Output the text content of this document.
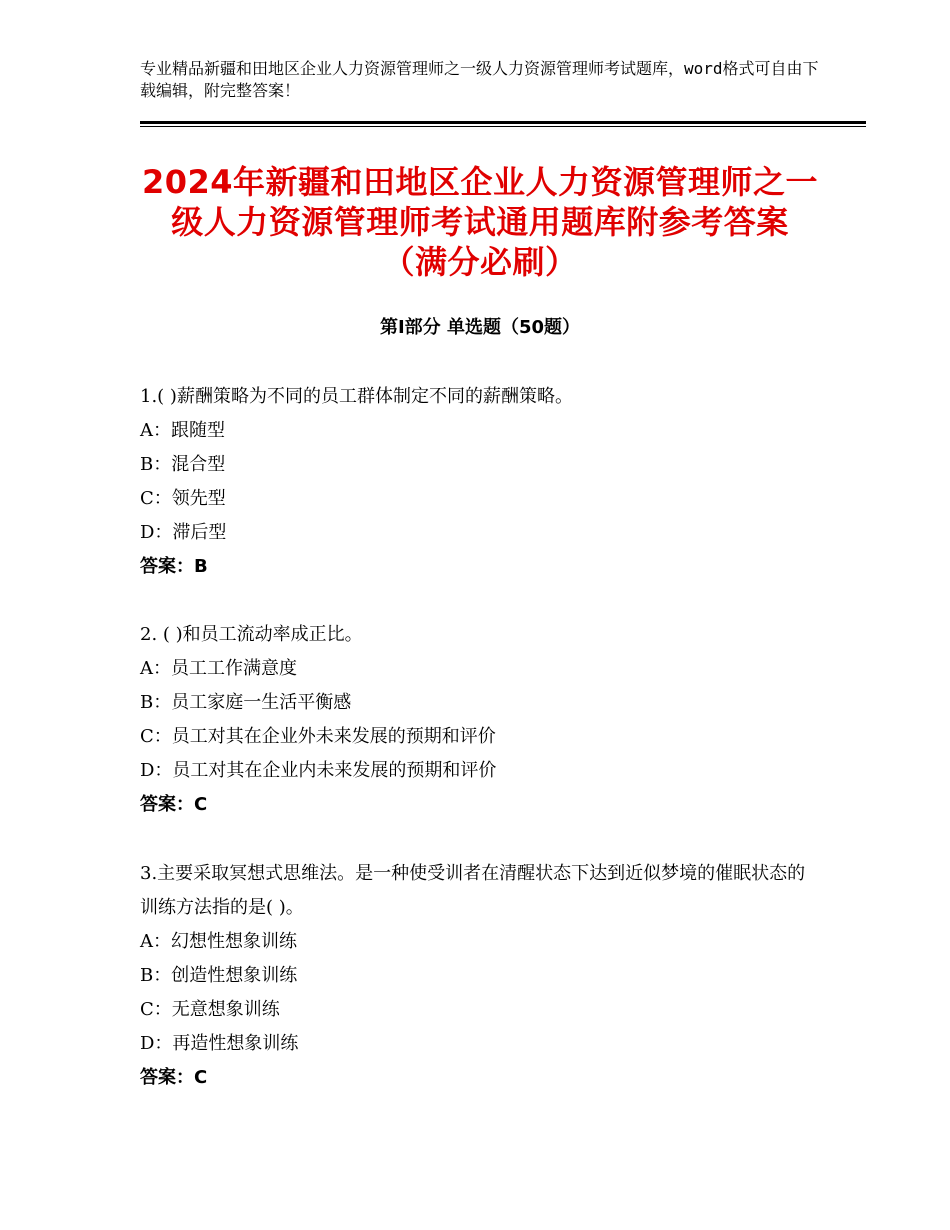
专业精品新疆和田地区企业人力资源管理师之一级人力资源管理师考试题库，word格式可自由下载编辑，附完整答案！
2024年新疆和田地区企业人力资源管理师之一级人力资源管理师考试通用题库附参考答案（满分必刷）
第Ⅰ部分 单选题（50题）
1.( )薪酬策略为不同的员工群体制定不同的薪酬策略。
A：跟随型
B：混合型
C：领先型
D：滞后型
答案：B
2. ( )和员工流动率成正比。
A：员工工作满意度
B：员工家庭一生活平衡感
C：员工对其在企业外未来发展的预期和评价
D：员工对其在企业内未来发展的预期和评价
答案：C
3.主要采取冥想式思维法。是一种使受训者在清醒状态下达到近似梦境的催眠状态的训练方法指的是( )。
A：幻想性想象训练
B：创造性想象训练
C：无意想象训练
D：再造性想象训练
答案：C
